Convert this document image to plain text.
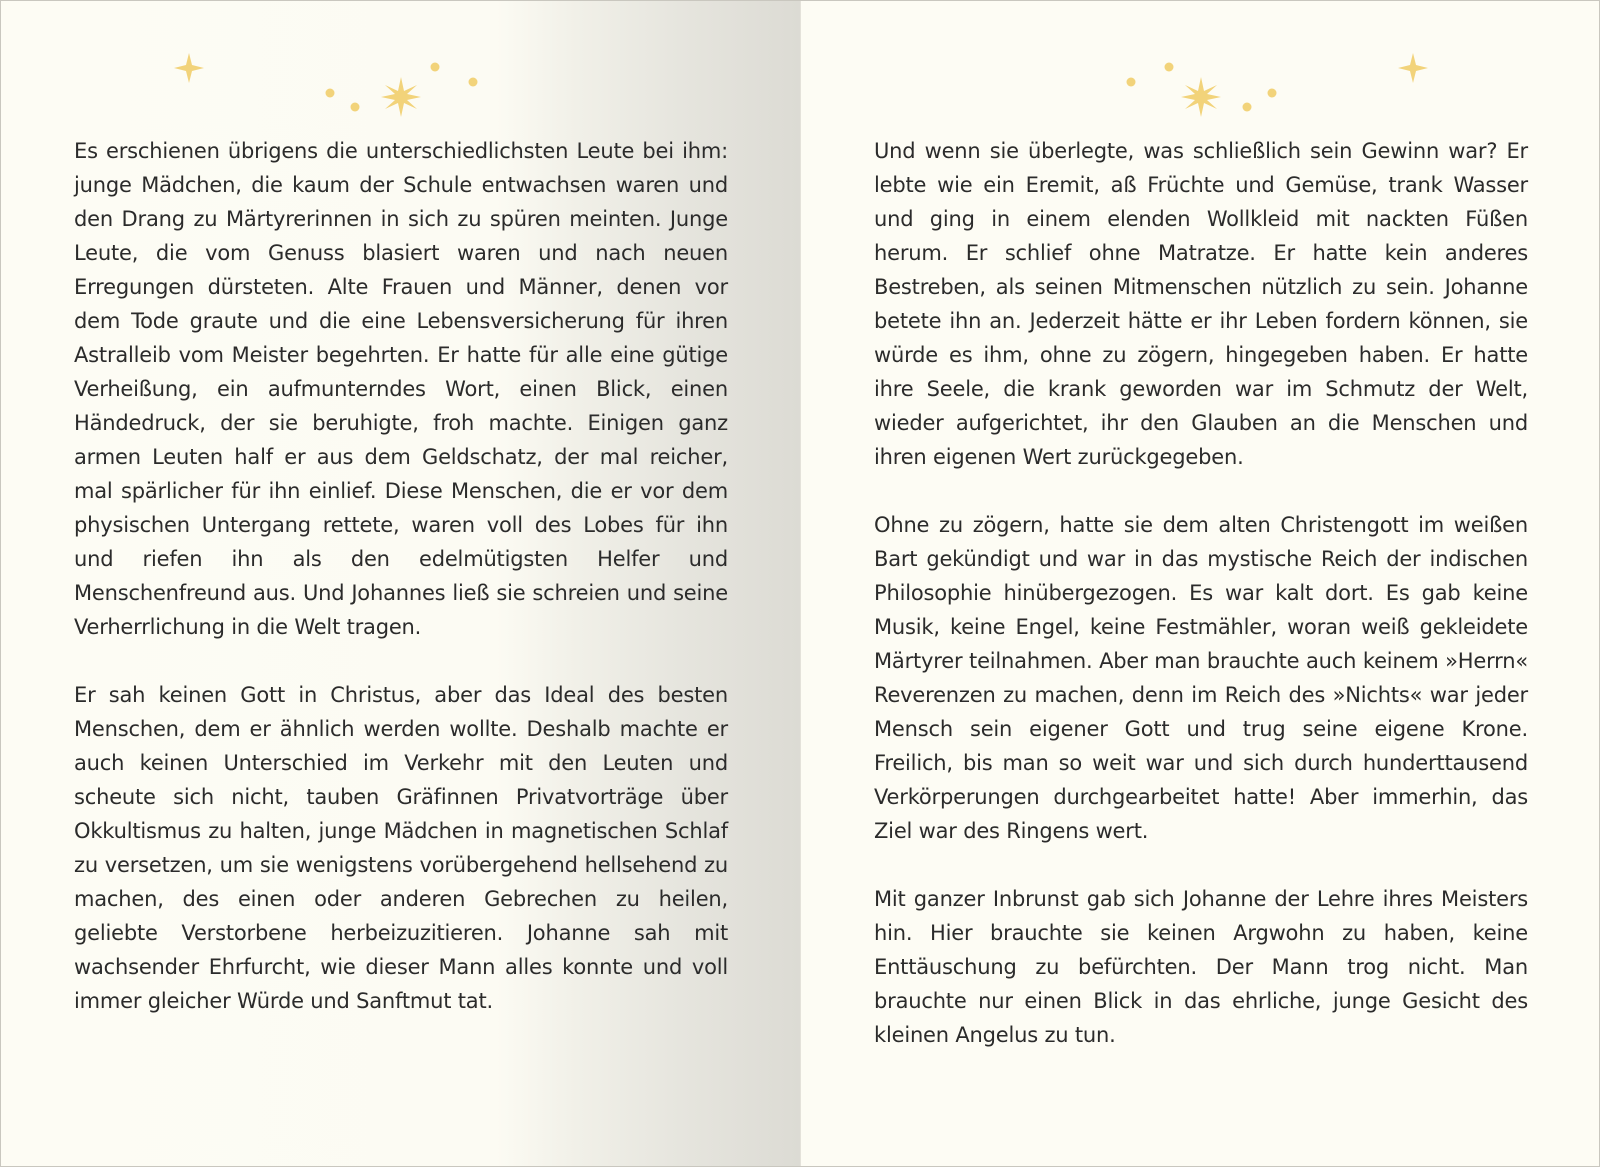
Es erschienen übrigens die unterschiedlichsten Leute bei ihm: junge Mädchen, die kaum der Schule entwachsen waren und den Drang zu Märtyrerinnen in sich zu spüren meinten. Junge Leute, die vom Genuss blasiert waren und nach neuen Erregungen dürsteten. Alte Frauen und Männer, denen vor dem Tode graute und die eine Lebensversicherung für ihren Astralleib vom Meister begehrten. Er hatte für alle eine gütige Verheißung, ein aufmunterndes Wort, einen Blick, einen Händedruck, der sie beruhigte, froh machte. Einigen ganz armen Leuten half er aus dem Geldschatz, der mal reicher, mal spärlicher für ihn einlief. Diese Menschen, die er vor dem physischen Untergang rettete, waren voll des Lobes für ihn und riefen ihn als den edelmütigsten Helfer und Menschenfreund aus. Und Johannes ließ sie schreien und seine Verherrlichung in die Welt tragen.

Er sah keinen Gott in Christus, aber das Ideal des besten Menschen, dem er ähnlich werden wollte. Deshalb machte er auch keinen Unterschied im Verkehr mit den Leuten und scheute sich nicht, tauben Gräfinnen Privatvorträge über Okkultismus zu halten, junge Mädchen in magnetischen Schlaf zu versetzen, um sie wenigstens vorübergehend hellsehend zu machen, des einen oder anderen Gebrechen zu heilen, geliebte Verstorbene herbeizuzitieren. Johanne sah mit wachsender Ehrfurcht, wie dieser Mann alles konnte und voll immer gleicher Würde und Sanftmut tat.

Und wenn sie überlegte, was schließlich sein Gewinn war? Er lebte wie ein Eremit, aß Früchte und Gemüse, trank Wasser und ging in einem elenden Wollkleid mit nackten Füßen herum. Er schlief ohne Matratze. Er hatte kein anderes Bestreben, als seinen Mitmenschen nützlich zu sein. Johanne betete ihn an. Jederzeit hätte er ihr Leben fordern können, sie würde es ihm, ohne zu zögern, hingegeben haben. Er hatte ihre Seele, die krank geworden war im Schmutz der Welt, wieder aufgerichtet, ihr den Glauben an die Menschen und ihren eigenen Wert zurückgegeben.

Ohne zu zögern, hatte sie dem alten Christengott im weißen Bart gekündigt und war in das mystische Reich der indischen Philosophie hinübergezogen. Es war kalt dort. Es gab keine Musik, keine Engel, keine Festmähler, woran weiß gekleidete Märtyrer teilnahmen. Aber man brauchte auch keinem »Herrn« Reverenzen zu machen, denn im Reich des »Nichts« war jeder Mensch sein eigener Gott und trug seine eigene Krone. Freilich, bis man so weit war und sich durch hunderttausend Verkörperungen durchgearbeitet hatte! Aber immerhin, das Ziel war des Ringens wert.

Mit ganzer Inbrunst gab sich Johanne der Lehre ihres Meisters hin. Hier brauchte sie keinen Argwohn zu haben, keine Enttäuschung zu befürchten. Der Mann trog nicht. Man brauchte nur einen Blick in das ehrliche, junge Gesicht des kleinen Angelus zu tun.
